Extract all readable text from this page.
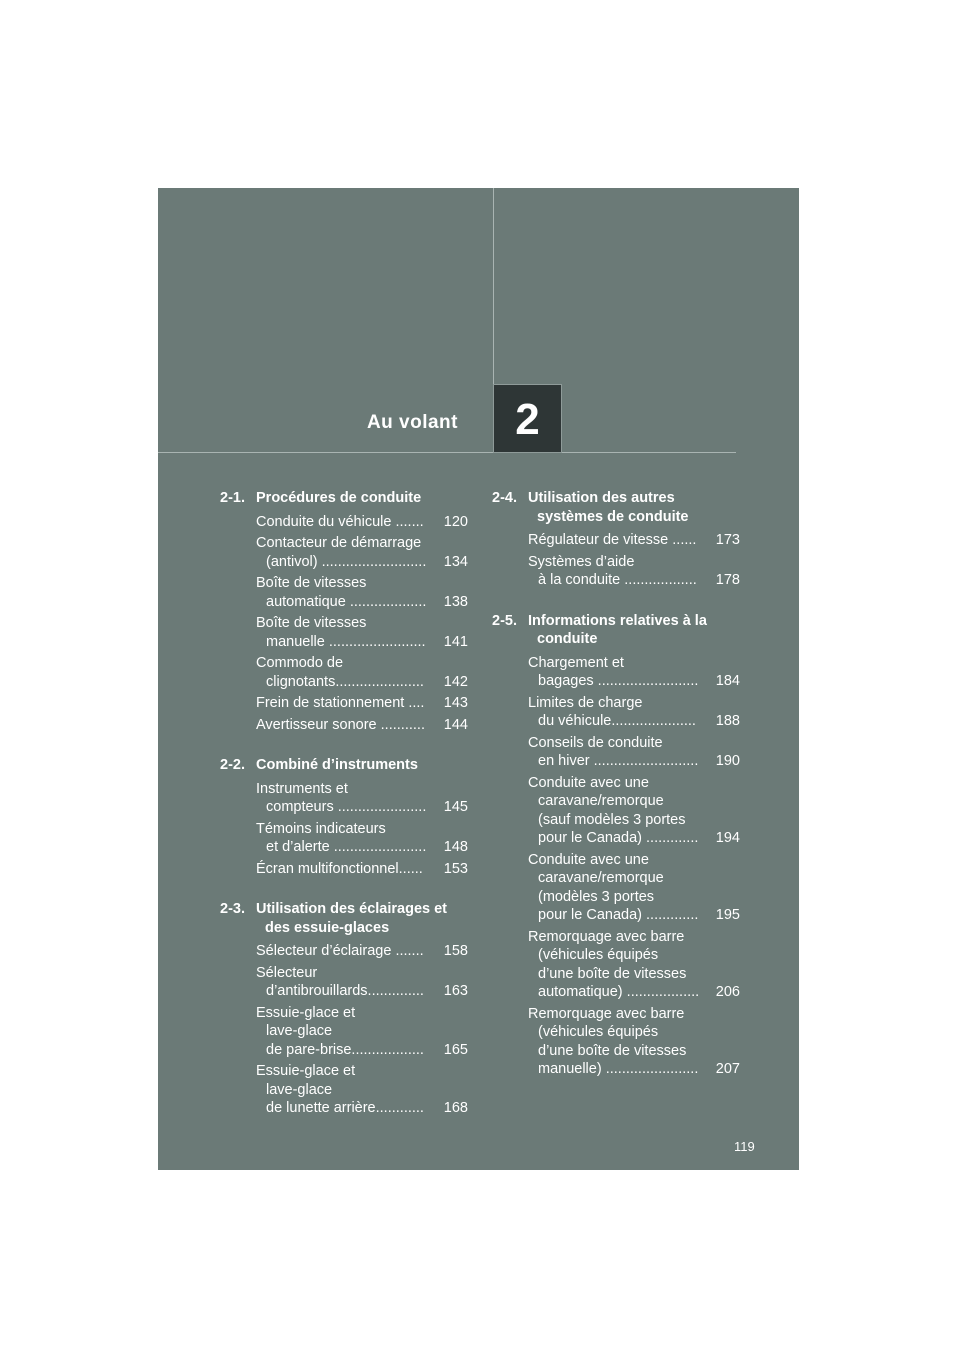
Au volant	2
2-1. Procédures de conduite
Conduite du véhicule .......	120
Contacteur de démarrage
(antivol) ..........................	134
Boîte de vitesses
automatique ...................	138
Boîte de vitesses
manuelle ........................	141
Commodo de
clignotants......................	142
Frein de stationnement ....	143
Avertisseur sonore ...........	144
2-2. Combiné d’instruments
Instruments et
compteurs ......................	145
Témoins indicateurs
et d’alerte .......................	148
Écran multifonctionnel......	153
2-3. Utilisation des éclairages et des essuie-glaces
Sélecteur d’éclairage .......	158
Sélecteur
d’antibrouillards..............	163
Essuie-glace et
lave-glace
de pare-brise..................	165
Essuie-glace et
lave-glace
de lunette arrière............	168
2-4. Utilisation des autres systèmes de conduite
Régulateur de vitesse ......	173
Systèmes d’aide
à la conduite ..................	178
2-5. Informations relatives à la conduite
Chargement et
bagages .........................	184
Limites de charge
du véhicule.....................	188
Conseils de conduite
en hiver ..........................	190
Conduite avec une
caravane/remorque
(sauf modèles 3 portes
pour le Canada) .............	194
Conduite avec une
caravane/remorque
(modèles 3 portes
pour le Canada) .............	195
Remorquage avec barre
(véhicules équipés
d’une boîte de vitesses
automatique) ..................	206
Remorquage avec barre
(véhicules équipés
d’une boîte de vitesses
manuelle) .......................	207
119
